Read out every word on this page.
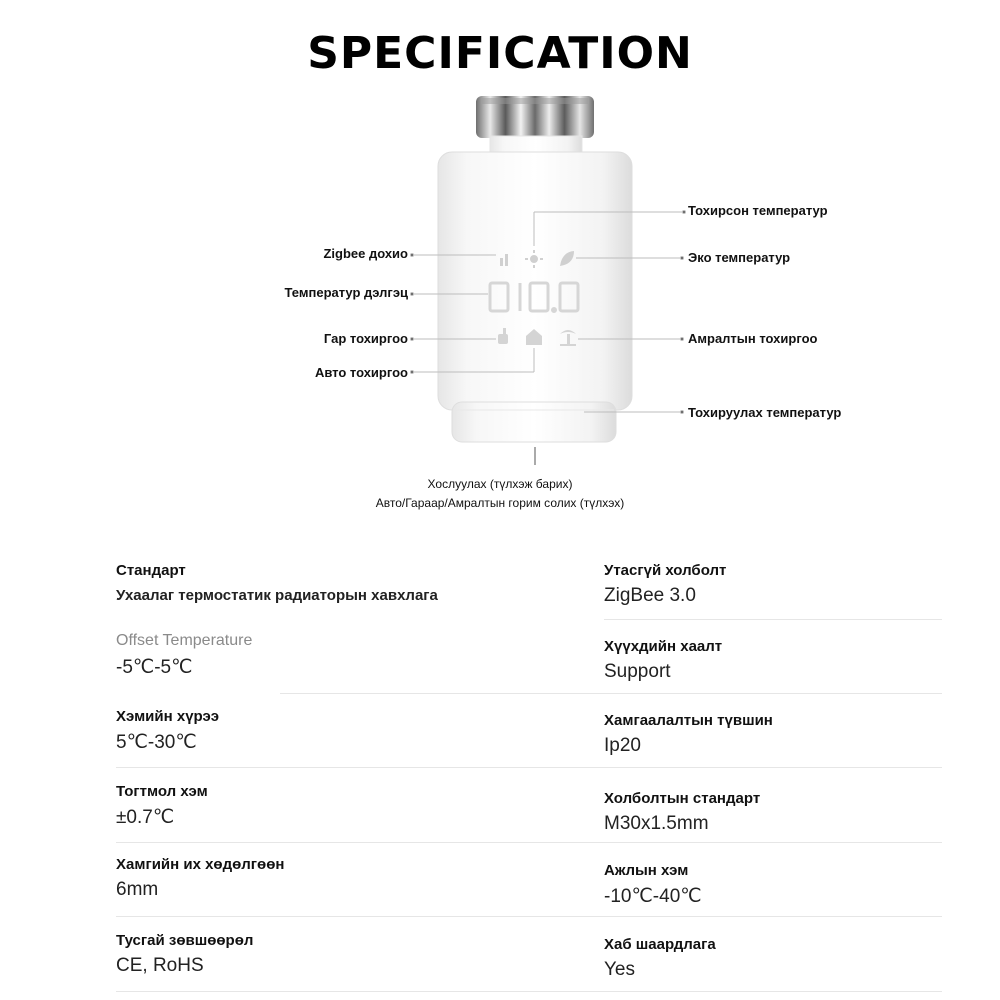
SPECIFICATION
Тохирсон температур
Zigbee дохио	Эко температур
Температур дэлгэц
Гар тохиргоо	Амралтын тохиргоо
Авто тохиргоо
Тохируулах температур
Хослуулах (түлхэж барих)
Авто/Гараар/Амралтын горим солих (түлхэх)
Стандарт
Ухаалаг термостатик радиаторын хавхлага
Offset Temperature
-5℃-5℃
Хэмийн хүрээ
5℃-30℃
Тогтмол хэм
±0.7℃
Хамгийн их хөдөлгөөн
6mm
Тусгай зөвшөөрөл
CE, RoHS
Утасгүй холболт
ZigBee 3.0
Хүүхдийн хаалт
Support
Хамгаалалтын түвшин
Ip20
Холболтын стандарт
M30x1.5mm
Ажлын хэм
-10℃-40℃
Хаб шаардлага
Yes
